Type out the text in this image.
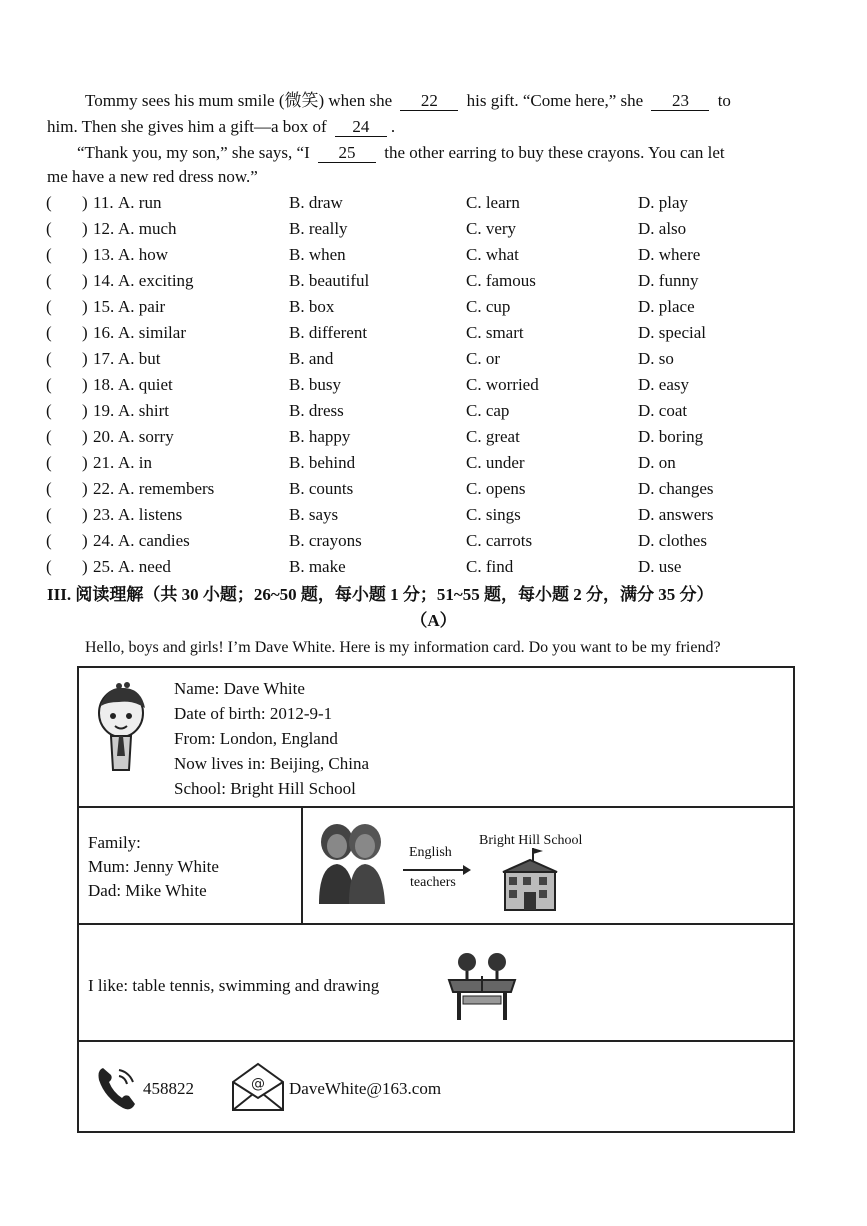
Tommy sees his mum smile (微笑) when she 22 his gift. “Come here,” she 23 to
him. Then she gives him a gift—a box of 24 .
“Thank you, my son,” she says, “I 25 the other earring to buy these crayons. You can let
me have a new red dress now.”
( ) 11. A. run	B. draw	C. learn	D. play
( ) 12. A. much	B. really	C. very	D. also
( ) 13. A. how	B. when	C. what	D. where
( ) 14. A. exciting	B. beautiful	C. famous	D. funny
( ) 15. A. pair	B. box	C. cup	D. place
( ) 16. A. similar	B. different	C. smart	D. special
( ) 17. A. but	B. and	C. or	D. so
( ) 18. A. quiet	B. busy	C. worried	D. easy
( ) 19. A. shirt	B. dress	C. cap	D. coat
( ) 20. A. sorry	B. happy	C. great	D. boring
( ) 21. A. in	B. behind	C. under	D. on
( ) 22. A. remembers	B. counts	C. opens	D. changes
( ) 23. A. listens	B. says	C. sings	D. answers
( ) 24. A. candies	B. crayons	C. carrots	D. clothes
( ) 25. A. need	B. make	C. find	D. use
III. 阅读理解（共 30 小题；26~50 题，每小题 1 分；51~55 题，每小题 2 分，满分 35 分）
（A）
Hello, boys and girls! I’m Dave White. Here is my information card. Do you want to be my friend?
Name: Dave White
Date of birth: 2012-9-1
From: London, England
Now lives in: Beijing, China
School: Bright Hill School
Family:
Mum: Jenny White
Dad: Mike White
English
teachers
Bright Hill School
I like: table tennis, swimming and drawing
458822	@ DaveWhite@163.com
